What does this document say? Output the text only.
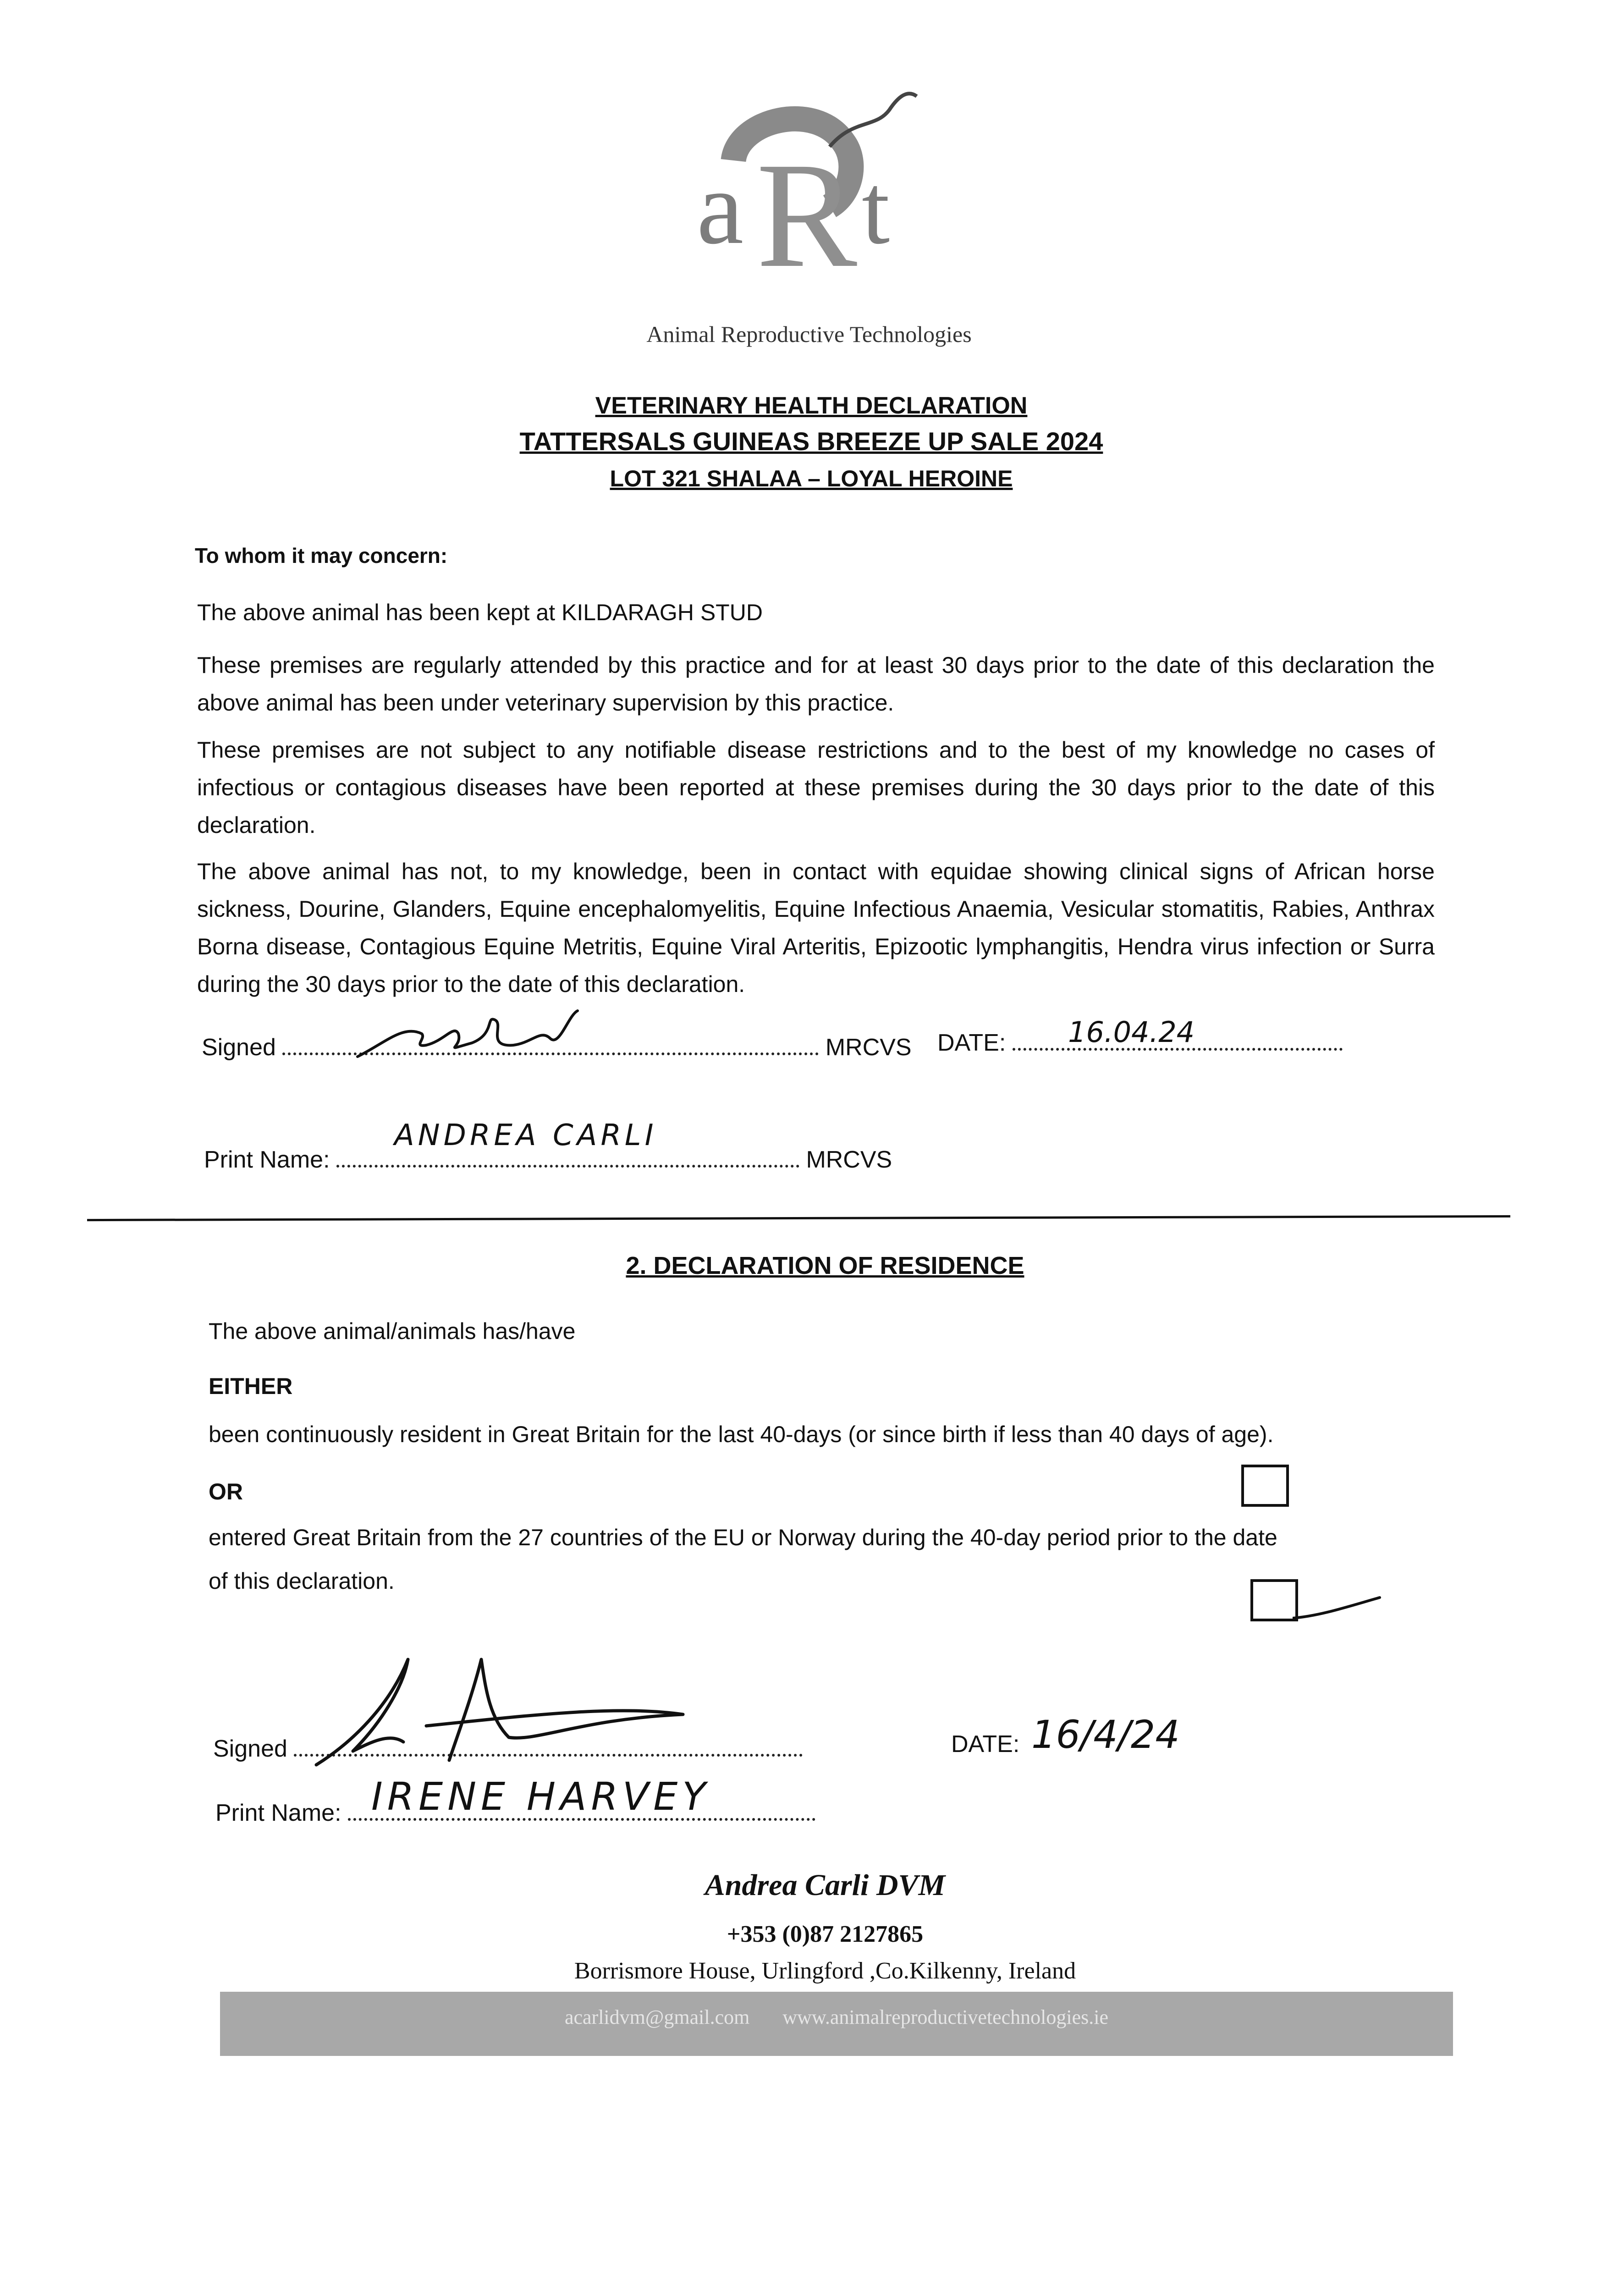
a R t
Animal Reproductive Technologies
VETERINARY HEALTH DECLARATION
TATTERSALS GUINEAS BREEZE UP SALE 2024
LOT 321 SHALAA – LOYAL HEROINE
To whom it may concern:
The above animal has been kept at KILDARAGH STUD
These premises are regularly attended by this practice and for at least 30 days prior to the date of this declaration the above animal has been under veterinary supervision by this practice.
These premises are not subject to any notifiable disease restrictions and to the best of my knowledge no cases of infectious or contagious diseases have been reported at these premises during the 30 days prior to the date of this declaration.
The above animal has not, to my knowledge, been in contact with equidae showing clinical signs of African horse sickness, Dourine, Glanders, Equine encephalomyelitis, Equine Infectious Anaemia, Vesicular stomatitis, Rabies, Anthrax Borna disease, Contagious Equine Metritis, Equine Viral Arteritis, Epizootic lymphangitis, Hendra virus infection or Surra during the 30 days prior to the date of this declaration.
Signed	MRCVS DATE:	16.04.24
Print Name:	MRCVS
ANDREA CARLI
2. DECLARATION OF RESIDENCE
The above animal/animals has/have
EITHER
been continuously resident in Great Britain for the last 40-days (or since birth if less than 40 days of age).
OR
entered Great Britain from the 27 countries of the EU or Norway during the 40-day period prior to the date
of this declaration.
Signed	DATE: 16/4/24
Print Name: IRENE HARVEY
Andrea Carli DVM
+353 (0)87 2127865
Borrismore House, Urlingford ,Co.Kilkenny, Ireland
acarlidvm@gmail.com www.animalreproductivetechnologies.ie
